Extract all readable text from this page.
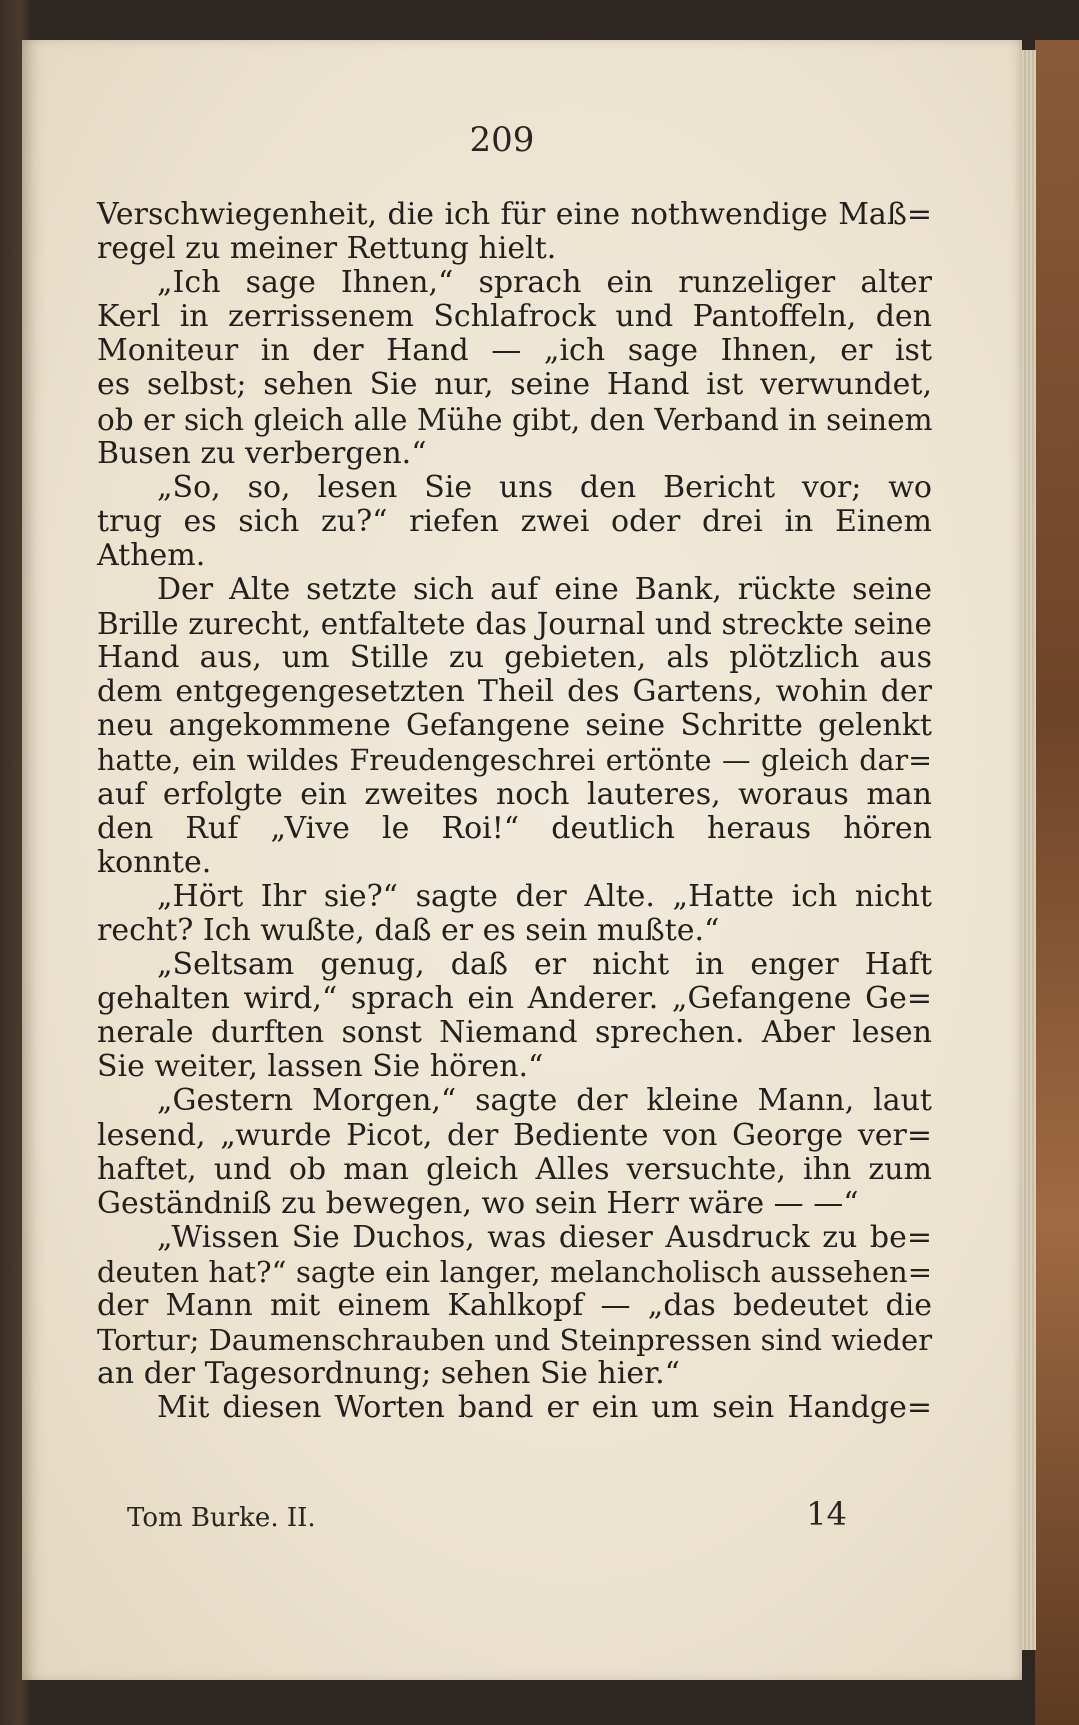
209
Verschwiegenheit, die ich für eine nothwendige Maß=
regel zu meiner Rettung hielt.
„Ich sage Ihnen,“ sprach ein runzeliger alter
Kerl in zerrissenem Schlafrock und Pantoffeln, den
Moniteur in der Hand — „ich sage Ihnen, er ist
es selbst; sehen Sie nur, seine Hand ist verwundet,
ob er sich gleich alle Mühe gibt, den Verband in seinem
Busen zu verbergen.“
„So, so, lesen Sie uns den Bericht vor; wo
trug es sich zu?“ riefen zwei oder drei in Einem
Athem.
Der Alte setzte sich auf eine Bank, rückte seine
Brille zurecht, entfaltete das Journal und streckte seine
Hand aus, um Stille zu gebieten, als plötzlich aus
dem entgegengesetzten Theil des Gartens, wohin der
neu angekommene Gefangene seine Schritte gelenkt
hatte, ein wildes Freudengeschrei ertönte — gleich dar=
auf erfolgte ein zweites noch lauteres, woraus man
den Ruf „Vive le Roi!“ deutlich heraus hören
konnte.
„Hört Ihr sie?“ sagte der Alte. „Hatte ich nicht
recht? Ich wußte, daß er es sein mußte.“
„Seltsam genug, daß er nicht in enger Haft
gehalten wird,“ sprach ein Anderer. „Gefangene Ge=
nerale durften sonst Niemand sprechen. Aber lesen
Sie weiter, lassen Sie hören.“
„Gestern Morgen,“ sagte der kleine Mann, laut
lesend, „wurde Picot, der Bediente von George ver=
haftet, und ob man gleich Alles versuchte, ihn zum
Geständniß zu bewegen, wo sein Herr wäre — —“
„Wissen Sie Duchos, was dieser Ausdruck zu be=
deuten hat?“ sagte ein langer, melancholisch aussehen=
der Mann mit einem Kahlkopf — „das bedeutet die
Tortur; Daumenschrauben und Steinpressen sind wieder
an der Tagesordnung; sehen Sie hier.“
Mit diesen Worten band er ein um sein Handge=
Tom Burke. II.	14
